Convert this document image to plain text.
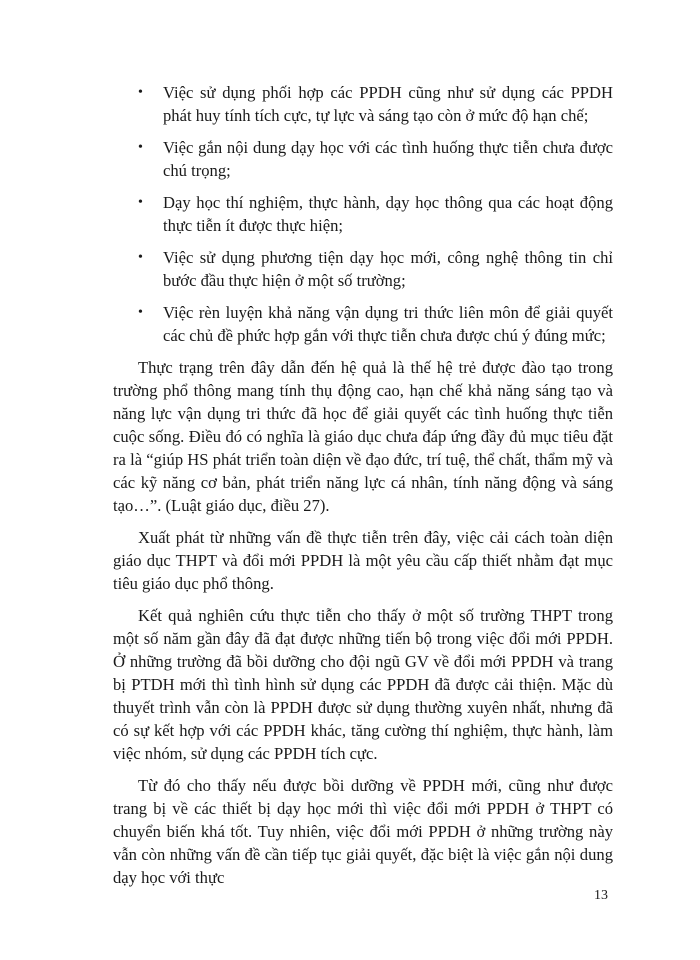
• Việc sử dụng phối hợp các PPDH cũng như sử dụng các PPDH phát huy tính tích cực, tự lực và sáng tạo còn ở mức độ hạn chế;
• Việc gắn nội dung dạy học với các tình huống thực tiễn chưa được chú trọng;
• Dạy học thí nghiệm, thực hành, dạy học thông qua các hoạt động thực tiễn ít được thực hiện;
• Việc sử dụng phương tiện dạy học mới, công nghệ thông tin chỉ bước đầu thực hiện ở một số trường;
• Việc rèn luyện khả năng vận dụng tri thức liên môn để giải quyết các chủ đề phức hợp gắn với thực tiễn chưa được chú ý đúng mức;

Thực trạng trên đây dẫn đến hệ quả là thế hệ trẻ được đào tạo trong trường phổ thông mang tính thụ động cao, hạn chế khả năng sáng tạo và năng lực vận dụng tri thức đã học để giải quyết các tình huống thực tiễn cuộc sống. Điều đó có nghĩa là giáo dục chưa đáp ứng đầy đủ mục tiêu đặt ra là “giúp HS phát triển toàn diện về đạo đức, trí tuệ, thể chất, thẩm mỹ và các kỹ năng cơ bản, phát triển năng lực cá nhân, tính năng động và sáng tạo…”. (Luật giáo dục, điều 27).

Xuất phát từ những vấn đề thực tiễn trên đây, việc cải cách toàn diện giáo dục THPT và đổi mới PPDH là một yêu cầu cấp thiết nhằm đạt mục tiêu giáo dục phổ thông.

Kết quả nghiên cứu thực tiễn cho thấy ở một số trường THPT trong một số năm gần đây đã đạt được những tiến bộ trong việc đổi mới PPDH. Ở những trường đã bồi dưỡng cho đội ngũ GV về đổi mới PPDH và trang bị PTDH mới thì tình hình sử dụng các PPDH đã được cải thiện. Mặc dù thuyết trình vẫn còn là PPDH được sử dụng thường xuyên nhất, nhưng đã có sự kết hợp với các PPDH khác, tăng cường thí nghiệm, thực hành, làm việc nhóm, sử dụng các PPDH tích cực.

Từ đó cho thấy nếu được bồi dưỡng về PPDH mới, cũng như được trang bị về các thiết bị dạy học mới thì việc đổi mới PPDH ở THPT có chuyển biến khá tốt. Tuy nhiên, việc đổi mới PPDH ở những trường này vẫn còn những vấn đề cần tiếp tục giải quyết, đặc biệt là việc gắn nội dung dạy học với thực

13
